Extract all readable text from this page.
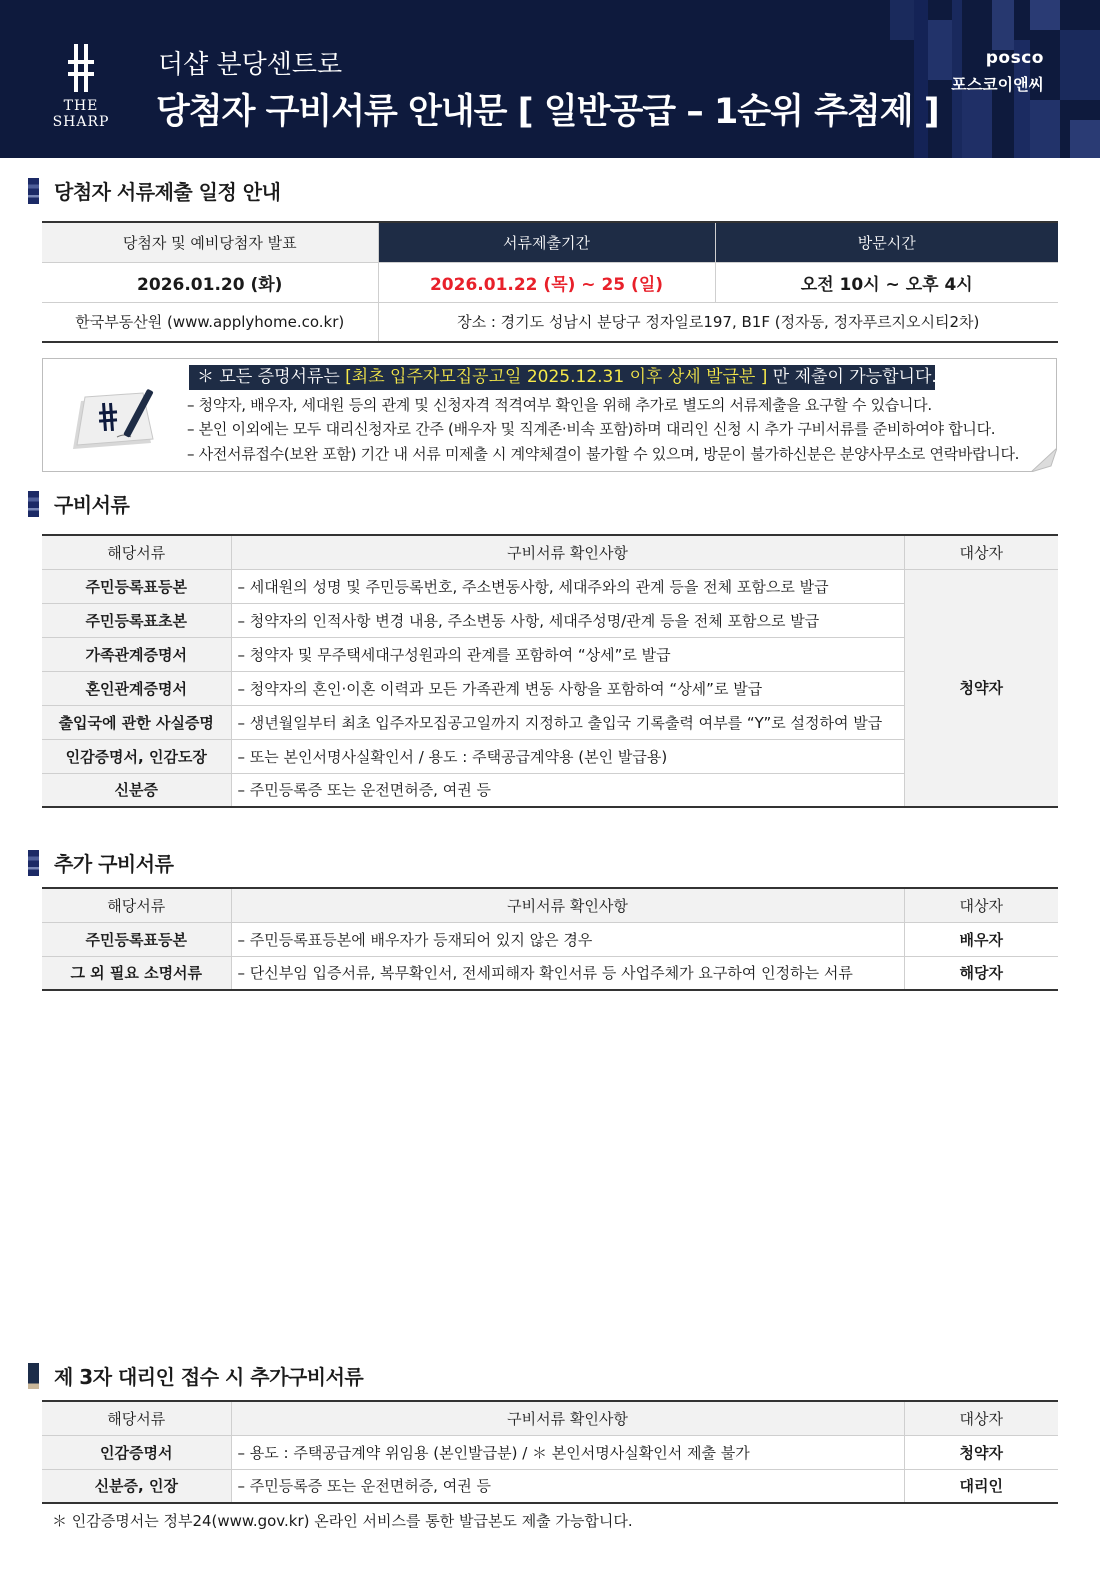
THE SHARP
더샵 분당센트로
당첨자 구비서류 안내문 [ 일반공급 – 1순위 추첨제 ]
posco
포스코이앤씨
당첨자 서류제출 일정 안내
당첨자 및 예비당첨자 발표	서류제출기간	방문시간
2026.01.20 (화)	2026.01.22 (목) ~ 25 (일)	오전 10시 ~ 오후 4시
한국부동산원 (www.applyhome.co.kr)	장소 : 경기도 성남시 분당구 정자일로197, B1F (정자동, 정자푸르지오시티2차)	
＊ 모든 증명서류는 [최초 입주자모집공고일 2025.12.31 이후 상세 발급분 ] 만 제출이 가능합니다.
– 청약자, 배우자, 세대원 등의 관계 및 신청자격 적격여부 확인을 위해 추가로 별도의 서류제출을 요구할 수 있습니다.
– 본인 이외에는 모두 대리신청자로 간주 (배우자 및 직계존·비속 포함)하며 대리인 신청 시 추가 구비서류를 준비하여야 합니다.
– 사전서류접수(보완 포함) 기간 내 서류 미제출 시 계약체결이 불가할 수 있으며, 방문이 불가하신분은 분양사무소로 연락바랍니다.
구비서류
해당서류	구비서류 확인사항	대상자
주민등록표등본	– 세대원의 성명 및 주민등록번호, 주소변동사항, 세대주와의 관계 등을 전체 포함으로 발급	청약자
주민등록표초본	– 청약자의 인적사항 변경 내용, 주소변동 사항, 세대주성명/관계 등을 전체 포함으로 발급	
가족관계증명서	– 청약자 및 무주택세대구성원과의 관계를 포함하여 “상세”로 발급	
혼인관계증명서	– 청약자의 혼인·이혼 이력과 모든 가족관계 변동 사항을 포함하여 “상세”로 발급	
출입국에 관한 사실증명	– 생년월일부터 최초 입주자모집공고일까지 지정하고 출입국 기록출력 여부를 “Y”로 설정하여 발급	
인감증명서, 인감도장	– 또는 본인서명사실확인서 / 용도 : 주택공급계약용 (본인 발급용)	
신분증	– 주민등록증 또는 운전면허증, 여권 등	
추가 구비서류
해당서류	구비서류 확인사항	대상자
주민등록표등본	– 주민등록표등본에 배우자가 등재되어 있지 않은 경우	배우자
그 외 필요 소명서류	– 단신부임 입증서류, 복무확인서, 전세피해자 확인서류 등 사업주체가 요구하여 인정하는 서류	해당자
제 3자 대리인 접수 시 추가구비서류
해당서류	구비서류 확인사항	대상자
인감증명서	– 용도 : 주택공급계약 위임용 (본인발급분) / ＊ 본인서명사실확인서 제출 불가	청약자
신분증, 인장	– 주민등록증 또는 운전면허증, 여권 등	대리인
＊ 인감증명서는 정부24(www.gov.kr) 온라인 서비스를 통한 발급본도 제출 가능합니다.
